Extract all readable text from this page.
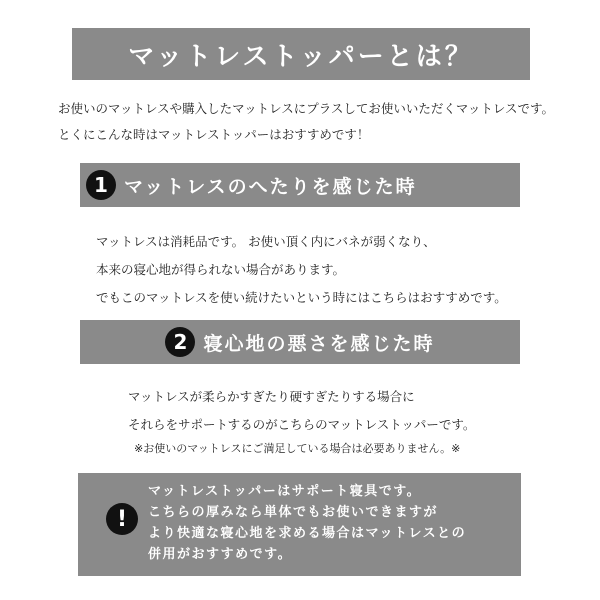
マットレストッパーとは？

お使いのマットレスや購入したマットレスにプラスしてお使いいただくマットレスです。

とくにこんな時はマットレストッパーはおすすめです！

1 マットレスのへたりを感じた時

マットレスは消耗品です。 お使い頂く内にバネが弱くなり、

本来の寝心地が得られない場合があります。

でもこのマットレスを使い続けたいという時にはこちらはおすすめです。

2 寝心地の悪さを感じた時

マットレスが柔らかすぎたり硬すぎたりする場合に

それらをサポートするのがこちらのマットレストッパーです。

※お使いのマットレスにご満足している場合は必要ありません。※
!

マットレストッパーはサポート寝具です。

こちらの厚みなら単体でもお使いできますが

より快適な寝心地を求める場合はマットレスとの

併用がおすすめです。
